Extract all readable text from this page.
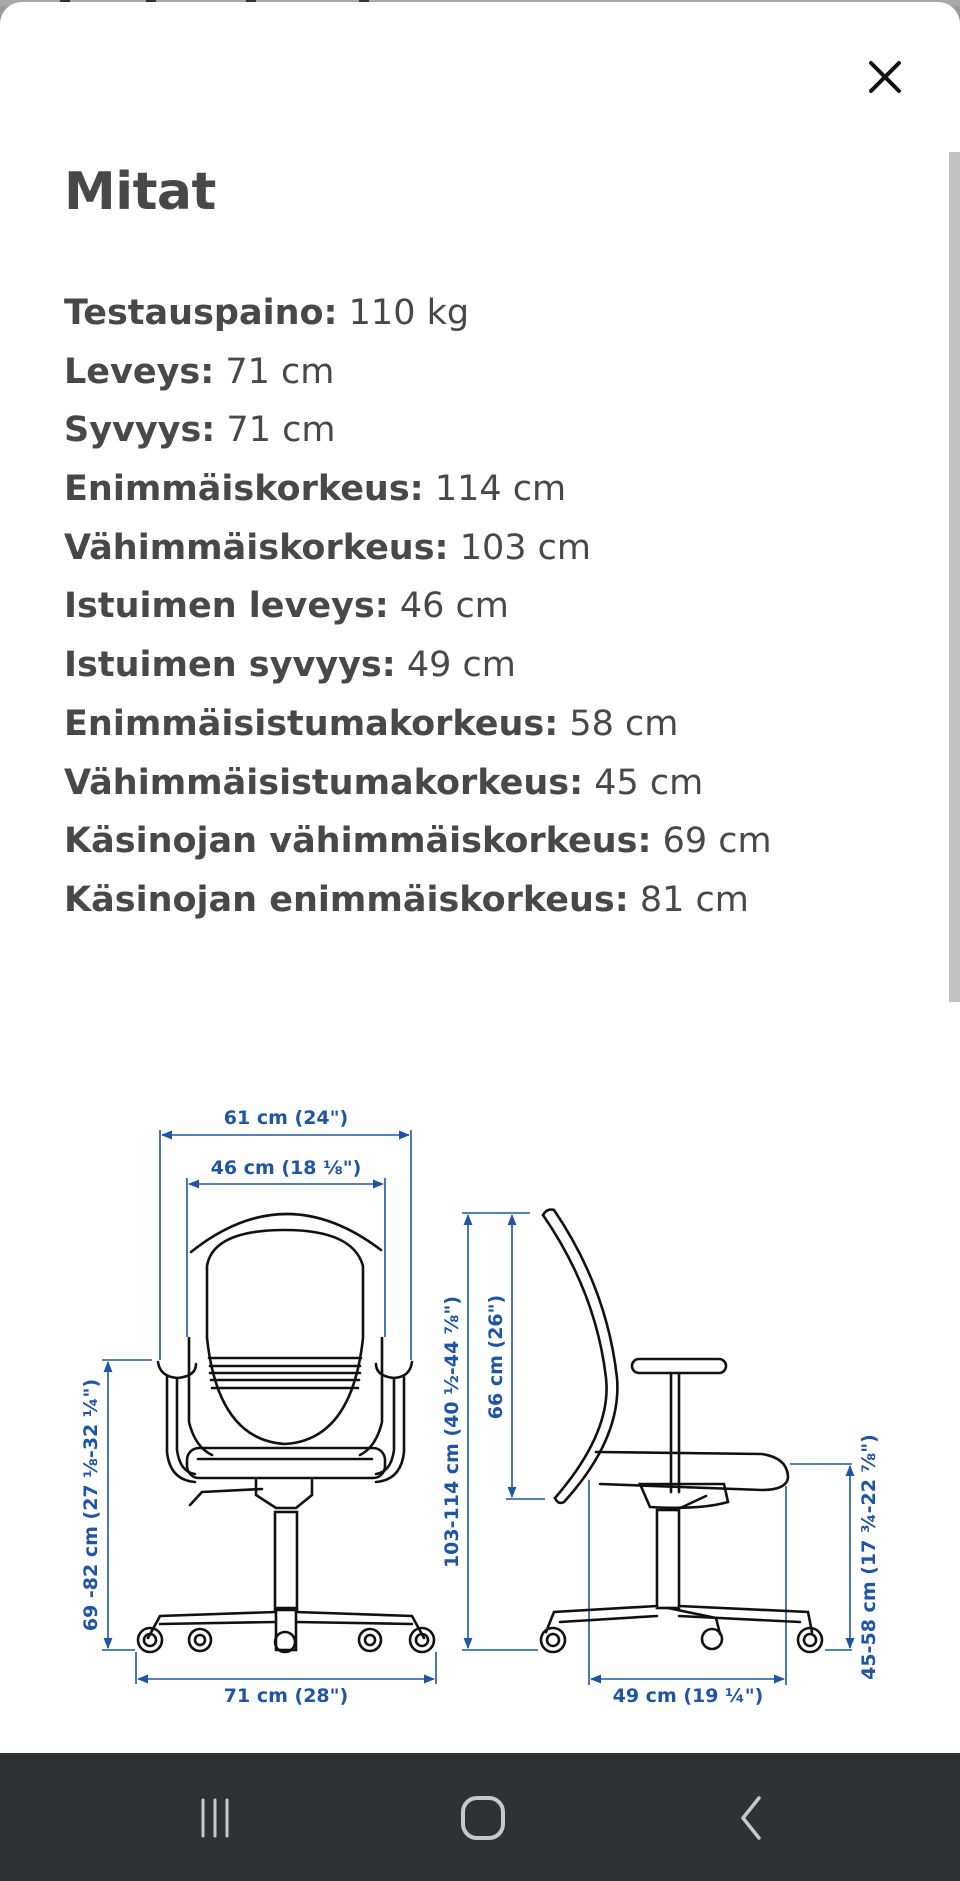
Mitat
Testauspaino: 110 kg
Leveys: 71 cm
Syvyys: 71 cm
Enimmäiskorkeus: 114 cm
Vähimmäiskorkeus: 103 cm
Istuimen leveys: 46 cm
Istuimen syvyys: 49 cm
Enimmäisistumakorkeus: 58 cm
Vähimmäisistumakorkeus: 45 cm
Käsinojan vähimmäiskorkeus: 69 cm
Käsinojan enimmäiskorkeus: 81 cm
61 cm (24")
46 cm (18 ⅛")
71 cm (28")
69 -82 cm (27 ⅛-32 ¼")	103-114 cm (40 ½-44 ⅞") 66 cm (26")
45-58 cm (17 ¾-22 ⅞")
49 cm (19 ¼")
